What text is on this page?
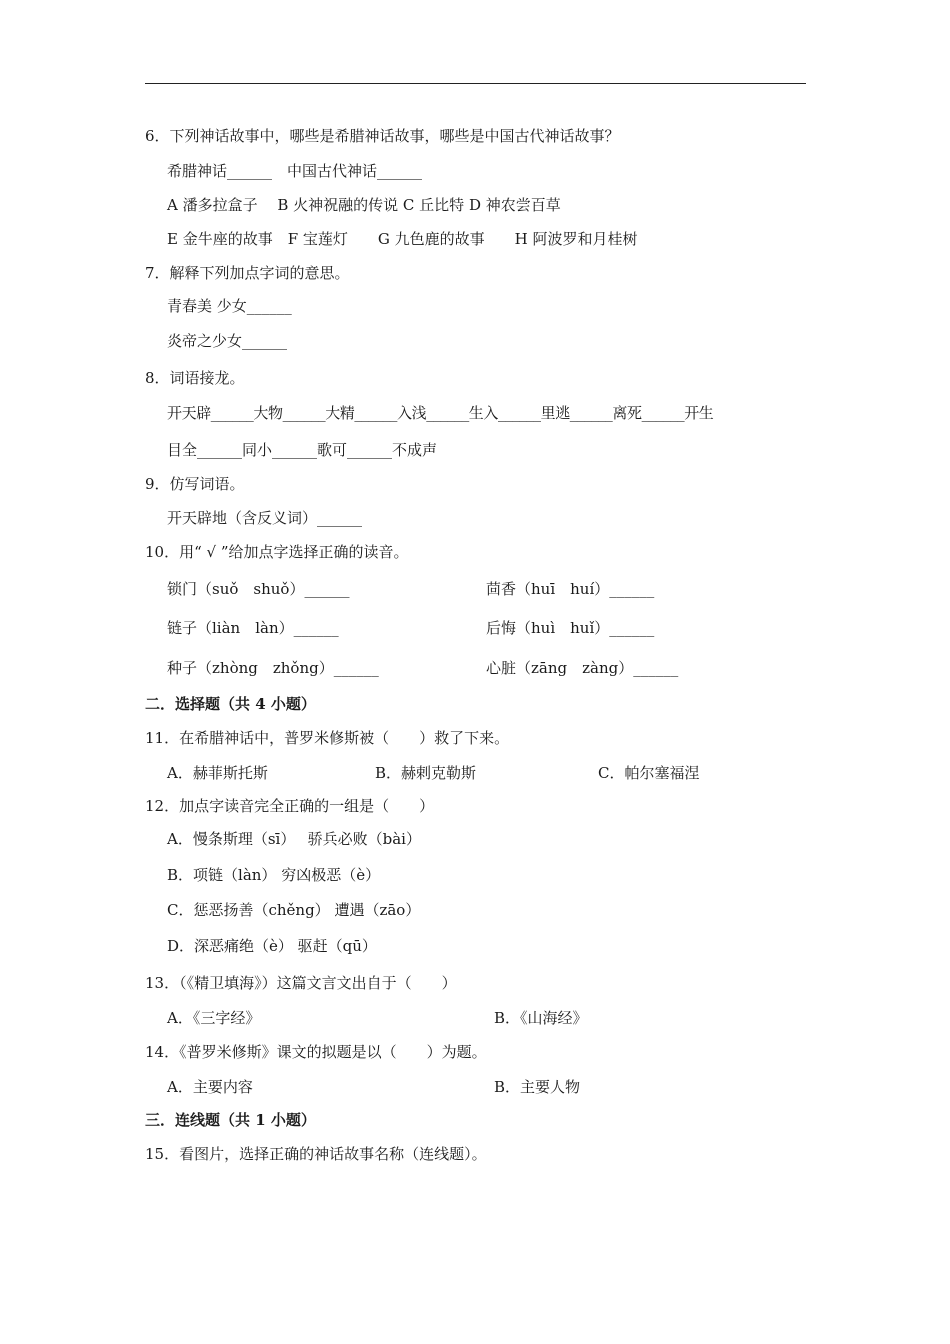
6．下列神话故事中，哪些是希腊神话故事，哪些是中国古代神话故事？
希腊神话______　中国古代神话______
A 潘多拉盒子　 B 火神祝融的传说 C 丘比特 D 神农尝百草
E 金牛座的故事　F 宝莲灯　　G 九色鹿的故事　　H 阿波罗和月桂树
7．解释下列加点字词的意思。
青春美 少女______
炎帝之少女______
8．词语接龙。
开天辟______大物______大精______入浅______生入______里逃______离死______开生
目全______同小______歌可______不成声
9．仿写词语。
开天辟地（含反义词）______
10．用“ √ ”给加点字选择正确的读音。
锁门（suǒ　shuǒ）______	茴香（huī　huí）______
链子（liàn　làn）______	后悔（huì　huǐ）______
种子（zhòng　zhǒng）______	心脏（zāng　zàng）______
二．选择题（共 4 小题）
11．在希腊神话中，普罗米修斯被（　　）救了下来。
A．赫菲斯托斯	B．赫剌克勒斯	C．帕尔塞福涅
12．加点字读音完全正确的一组是（　　）
A．慢条斯理（sī）　 骄兵必败（bài）
B．项链（làn） 穷凶极恶（è）
C．惩恶扬善（chěng） 遭遇（zāo）
D．深恶痛绝（è） 驱赶（qū）
13．（《精卫填海》）这篇文言文出自于（　　）
A．《三字经》	B．《山海经》
14．《普罗米修斯》课文的拟题是以（　　）为题。
A．主要内容	B．主要人物
三．连线题（共 1 小题）
15．看图片，选择正确的神话故事名称（连线题）。
